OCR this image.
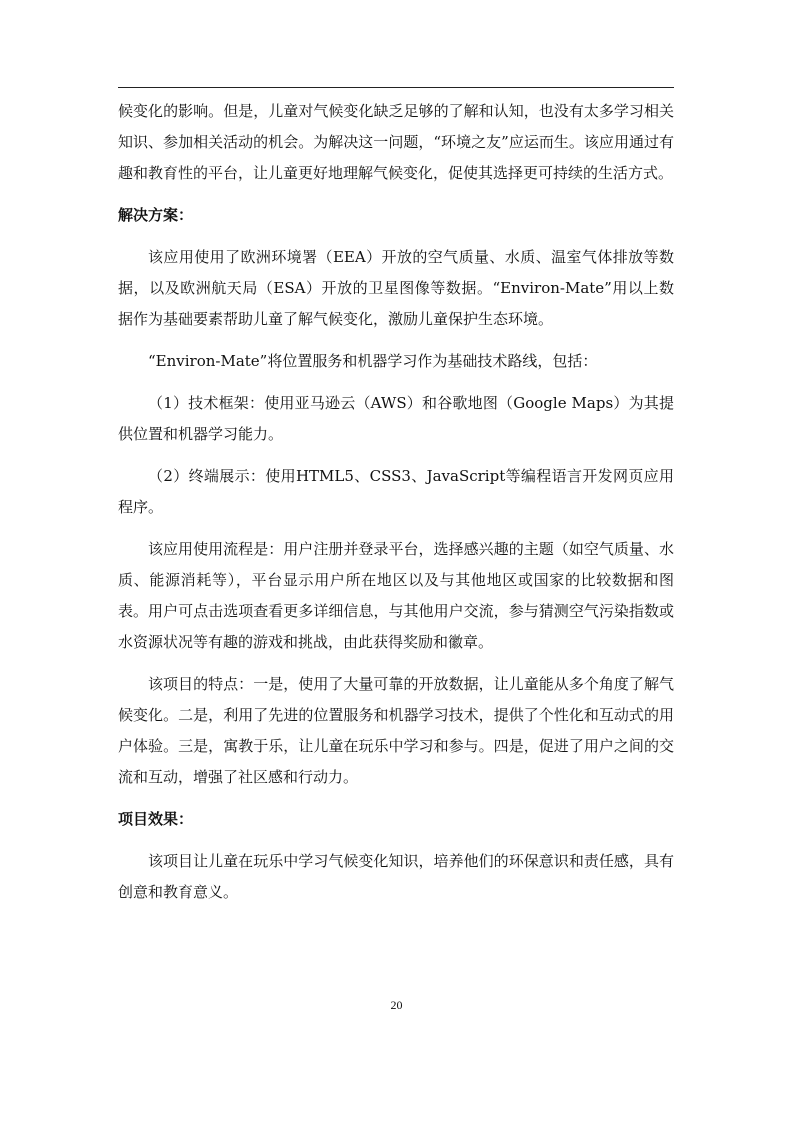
候变化的影响。但是，儿童对气候变化缺乏足够的了解和认知，也没有太多学习相关知识、参加相关活动的机会。为解决这一问题，“环境之友”应运而生。该应用通过有趣和教育性的平台，让儿童更好地理解气候变化，促使其选择更可持续的生活方式。

解决方案：

该应用使用了欧洲环境署（EEA）开放的空气质量、水质、温室气体排放等数据，以及欧洲航天局（ESA）开放的卫星图像等数据。“Environ-Mate”用以上数据作为基础要素帮助儿童了解气候变化，激励儿童保护生态环境。

“Environ-Mate”将位置服务和机器学习作为基础技术路线，包括：

（1）技术框架：使用亚马逊云（AWS）和谷歌地图（Google Maps）为其提供位置和机器学习能力。

（2）终端展示：使用HTML5、CSS3、JavaScript等编程语言开发网页应用程序。

该应用使用流程是：用户注册并登录平台，选择感兴趣的主题（如空气质量、水质、能源消耗等），平台显示用户所在地区以及与其他地区或国家的比较数据和图表。用户可点击选项查看更多详细信息，与其他用户交流，参与猜测空气污染指数或水资源状况等有趣的游戏和挑战，由此获得奖励和徽章。

该项目的特点：一是，使用了大量可靠的开放数据，让儿童能从多个角度了解气候变化。二是，利用了先进的位置服务和机器学习技术，提供了个性化和互动式的用户体验。三是，寓教于乐，让儿童在玩乐中学习和参与。四是，促进了用户之间的交流和互动，增强了社区感和行动力。

项目效果：

该项目让儿童在玩乐中学习气候变化知识，培养他们的环保意识和责任感，具有创意和教育意义。

20
